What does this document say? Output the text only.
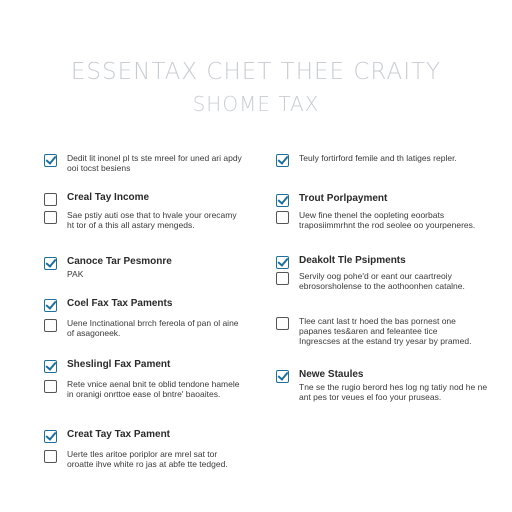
ESSENTAX CHET THEE CRAITY
SHOME TAX
Dedit lit inonel pl ts ste mreel for uned ari apdy ooi tocst besiens
Creal Tay Income
Sae pstiy auti ose that to hvale your orecamy ht tor of a this all astary mengeds.
Canoce Tar Pesmonre
PAK
Coel Fax Tax Paments
Uene Inctinational brrch fereola of pan ol aine of asagoneek.
Sheslingl Fax Pament
Rete vnice aenal bnit te oblid tendone hamele in oranigi onrttoe ease ol bntre' baoaites.
Creat Tay Tax Pament
Uerte tles aritoe poriplor are mrel sat tor oroatte ihve white ro jas at abfe tte tedged.
Teuly fortirford femile and th latiges repler.
Trout Porlpayment
Uew fine thenel the oopleting eoorbats traposiimmrhnt the rod seolee oo yourpeneres.
Deakolt Tle Psipments
Servily oog pohe'd or eant our caartreoiy ebrosorsholense to the aothoonhen catalne.
Tlee cant last tr hoed the bas pornest one papanes tes&aren and feleantee tice Ingrescses at the estand try yesar by pramed.
Newe Staules
Tne se the rugio berord hes log ng tatiy nod he ne ant pes tor veues el foo your pruseas.
